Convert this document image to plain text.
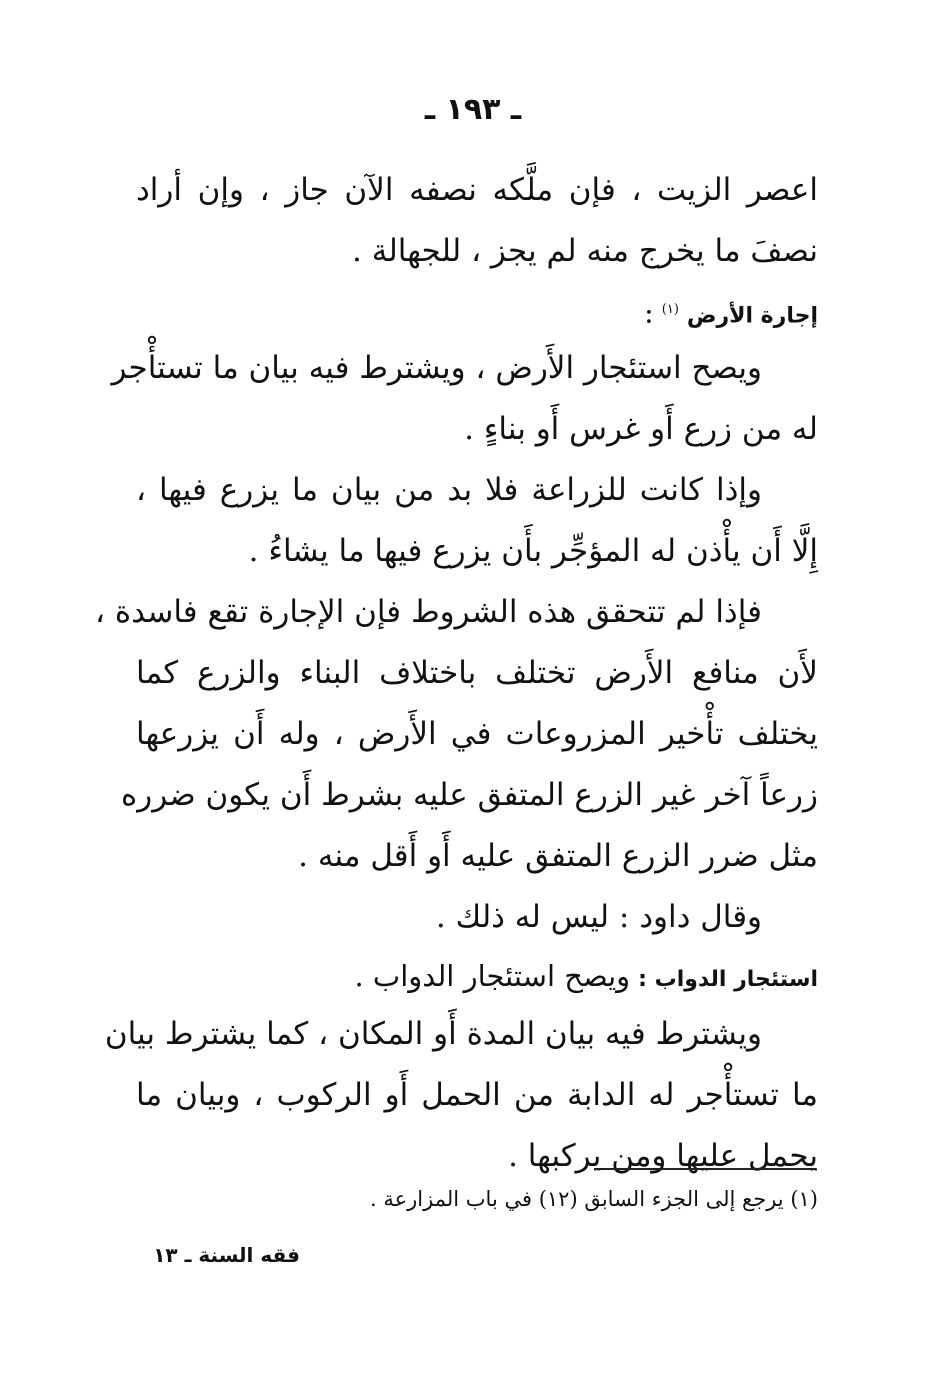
ـ ١٩٣ ـ
اعصر الزيت ، فإن ملَّكه نصفه الآن جاز ، وإن أراد
نصفَ ما يخرج منه لم يجز ، للجهالة .
إجارة الأرض $^{(١)}$ :
ويصح استئجار الأَرض ، ويشترط فيه بيان ما تستأْجر
له من زرع أَو غرس أَو بناءٍ .
وإذا كانت للزراعة فلا بد من بيان ما يزرع فيها ،
إِلَّا أَن يأْذن له المؤجِّر بأَن يزرع فيها ما يشاءُ .
فإذا لم تتحقق هذه الشروط فإن الإجارة تقع فاسدة ،
لأَن منافع الأَرض تختلف باختلاف البناء والزرع كما
يختلف تأْخير المزروعات في الأَرض ، وله أَن يزرعها
زرعاً آخر غير الزرع المتفق عليه بشرط أَن يكون ضرره
مثل ضرر الزرع المتفق عليه أَو أَقل منه .
وقال داود : ليس له ذلك .
استئجار الدواب : ويصح استئجار الدواب .
ويشترط فيه بيان المدة أَو المكان ، كما يشترط بيان
ما تستأْجر له الدابة من الحمل أَو الركوب ، وبيان ما
يحمل عليها ومن يركبها .
(١) يرجع إلى الجزء السابق (١٢) في باب المزارعة .
فقه السنة ـ ١٣
